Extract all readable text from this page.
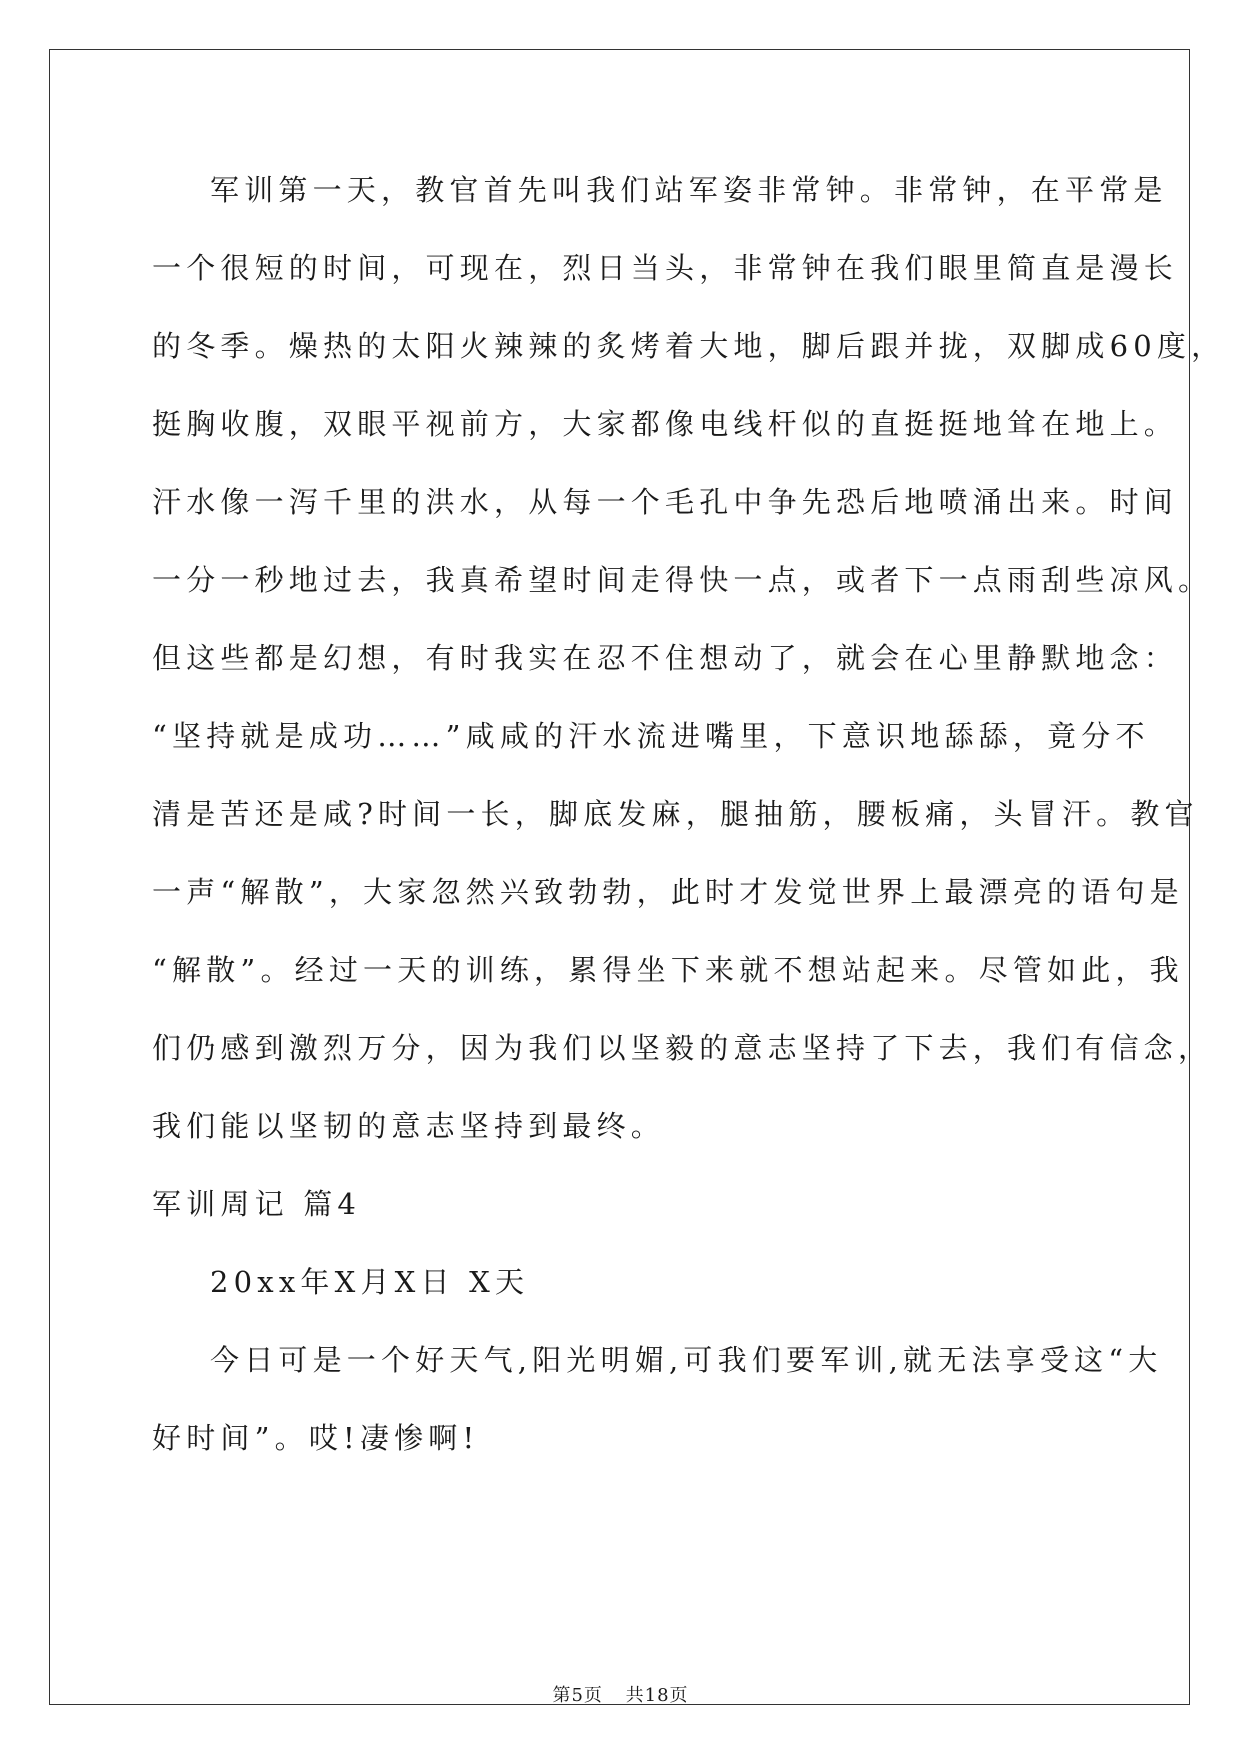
军训第一天，教官首先叫我们站军姿非常钟。非常钟，在平常是
一个很短的时间，可现在，烈日当头，非常钟在我们眼里简直是漫长
的冬季。燥热的太阳火辣辣的炙烤着大地，脚后跟并拢，双脚成60度，
挺胸收腹，双眼平视前方，大家都像电线杆似的直挺挺地耸在地上。
汗水像一泻千里的洪水，从每一个毛孔中争先恐后地喷涌出来。时间
一分一秒地过去，我真希望时间走得快一点，或者下一点雨刮些凉风。
但这些都是幻想，有时我实在忍不住想动了，就会在心里静默地念：
“坚持就是成功……”咸咸的汗水流进嘴里，下意识地舔舔，竟分不
清是苦还是咸?时间一长，脚底发麻，腿抽筋，腰板痛，头冒汗。教官
一声“解散”，大家忽然兴致勃勃，此时才发觉世界上最漂亮的语句是
“解散”。经过一天的训练，累得坐下来就不想站起来。尽管如此，我
们仍感到激烈万分，因为我们以坚毅的意志坚持了下去，我们有信念，
我们能以坚韧的意志坚持到最终。
军训周记 篇4
20xx年X月X日 X天
今日可是一个好天气,阳光明媚,可我们要军训,就无法享受这“大
好时间”。哎!凄惨啊!
第5页 共18页
